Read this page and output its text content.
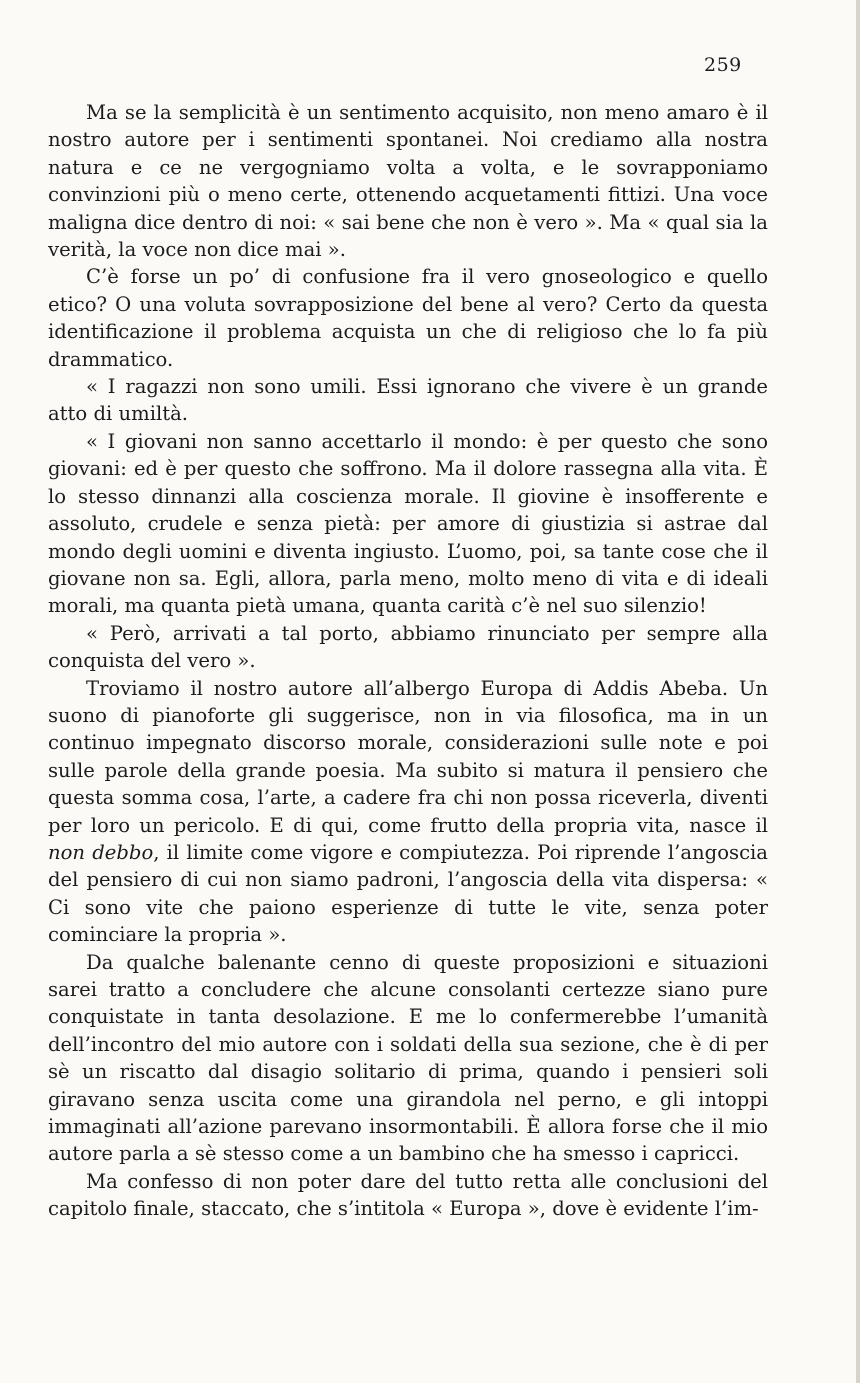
259

Ma se la semplicità è un sentimento acquisito, non meno amaro è il nostro autore per i sentimenti spontanei. Noi crediamo alla nostra natura e ce ne vergogniamo volta a volta, e le sovrapponiamo convinzioni più o meno certe, ottenendo acquetamenti fittizi. Una voce maligna dice dentro di noi: « sai bene che non è vero ». Ma « qual sia la verità, la voce non dice mai ».

C’è forse un po’ di confusione fra il vero gnoseologico e quello etico? O una voluta sovrapposizione del bene al vero? Certo da questa identificazione il problema acquista un che di religioso che lo fa più drammatico.

« I ragazzi non sono umili. Essi ignorano che vivere è un grande atto di umiltà.

« I giovani non sanno accettarlo il mondo: è per questo che sono giovani: ed è per questo che soffrono. Ma il dolore rassegna alla vita. È lo stesso dinnanzi alla coscienza morale. Il giovine è insofferente e assoluto, crudele e senza pietà: per amore di giustizia si astrae dal mondo degli uomini e diventa ingiusto. L’uomo, poi, sa tante cose che il giovane non sa. Egli, allora, parla meno, molto meno di vita e di ideali morali, ma quanta pietà umana, quanta carità c’è nel suo silenzio!

« Però, arrivati a tal porto, abbiamo rinunciato per sempre alla conquista del vero ».

Troviamo il nostro autore all’albergo Europa di Addis Abeba. Un suono di pianoforte gli suggerisce, non in via filosofica, ma in un continuo impegnato discorso morale, considerazioni sulle note e poi sulle parole della grande poesia. Ma subito si matura il pensiero che questa somma cosa, l’arte, a cadere fra chi non possa riceverla, diventi per loro un pericolo. E di qui, come frutto della propria vita, nasce il non debbo, il limite come vigore e compiutezza. Poi riprende l’angoscia del pensiero di cui non siamo padroni, l’angoscia della vita dispersa: « Ci sono vite che paiono esperienze di tutte le vite, senza poter cominciare la propria ».

Da qualche balenante cenno di queste proposizioni e situazioni sarei tratto a concludere che alcune consolanti certezze siano pure conquistate in tanta desolazione. E me lo confermerebbe l’umanità dell’incontro del mio autore con i soldati della sua sezione, che è di per sè un riscatto dal disagio solitario di prima, quando i pensieri soli giravano senza uscita come una girandola nel perno, e gli intoppi immaginati all’azione parevano insormontabili. È allora forse che il mio autore parla a sè stesso come a un bambino che ha smesso i capricci.

Ma confesso di non poter dare del tutto retta alle conclusioni del capitolo finale, staccato, che s’intitola « Europa », dove è evidente l’im-
